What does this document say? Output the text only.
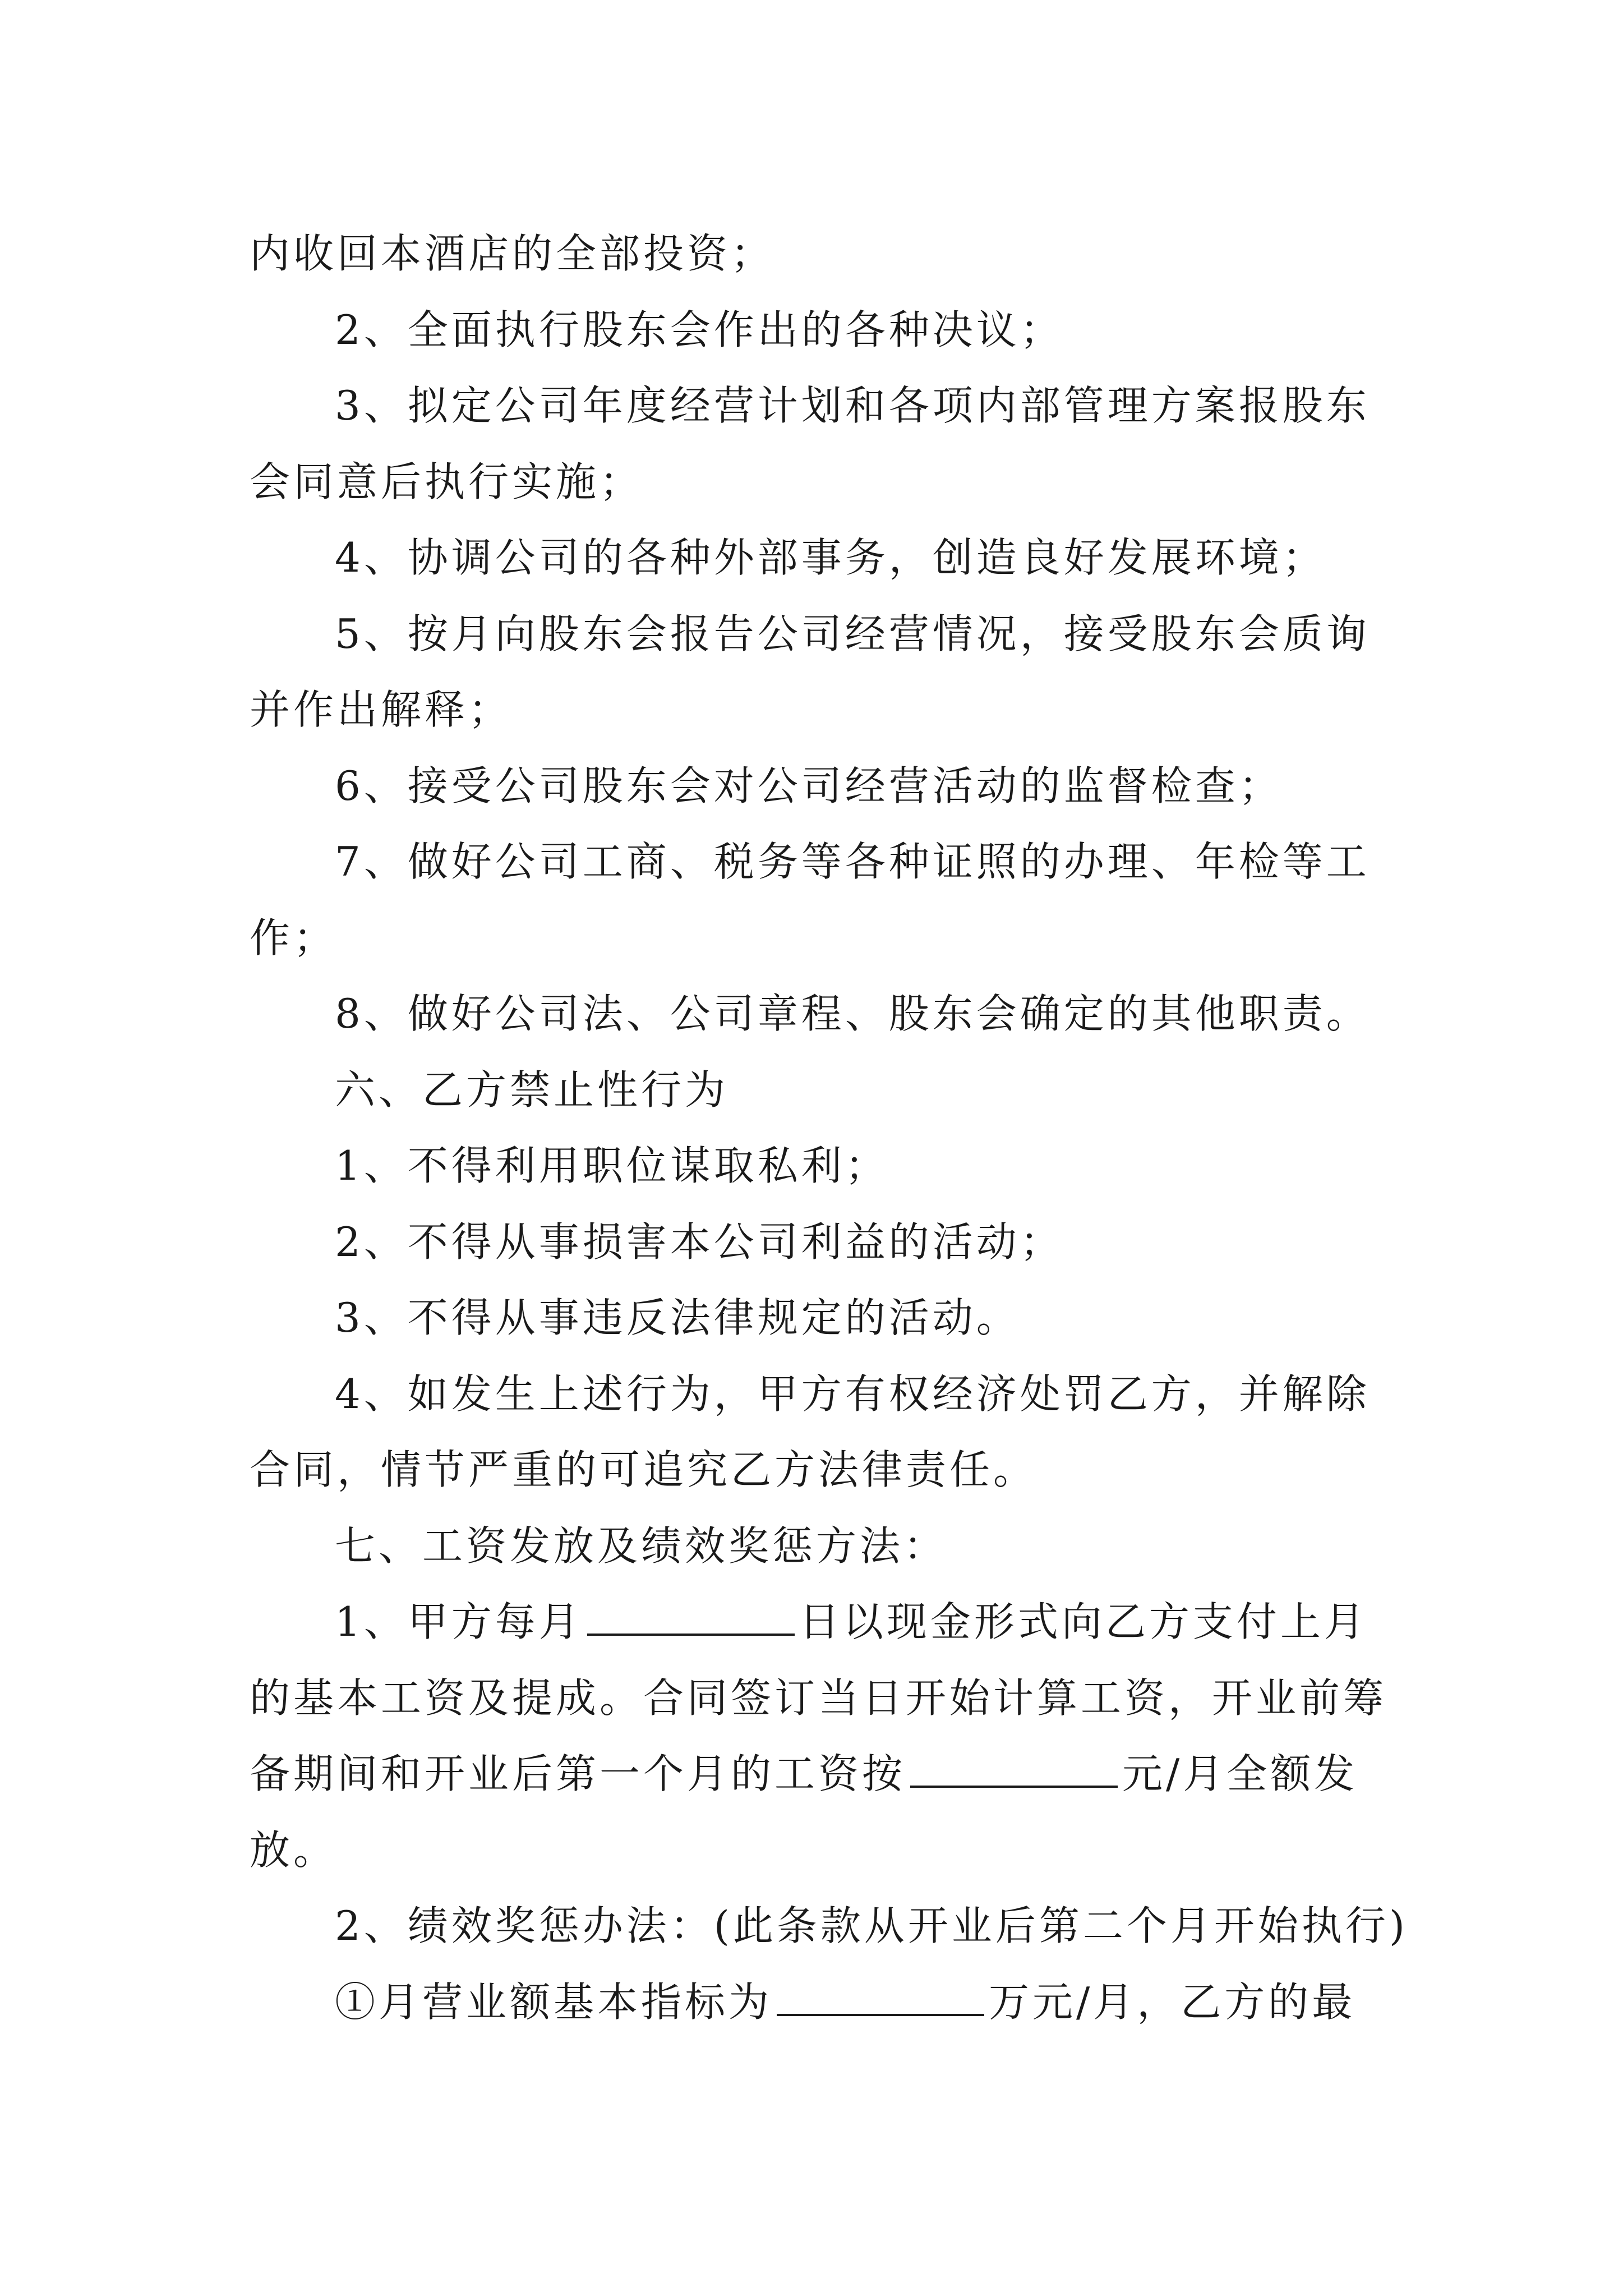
内收回本酒店的全部投资；
2、全面执行股东会作出的各种决议；
3、拟定公司年度经营计划和各项内部管理方案报股东
会同意后执行实施；
4、协调公司的各种外部事务，创造良好发展环境；
5、按月向股东会报告公司经营情况，接受股东会质询
并作出解释；
6、接受公司股东会对公司经营活动的监督检查；
7、做好公司工商、税务等各种证照的办理、年检等工
作；
8、做好公司法、公司章程、股东会确定的其他职责。
六、乙方禁止性行为
1、不得利用职位谋取私利；
2、不得从事损害本公司利益的活动；
3、不得从事违反法律规定的活动。
4、如发生上述行为，甲方有权经济处罚乙方，并解除
合同，情节严重的可追究乙方法律责任。
七、工资发放及绩效奖惩方法：
1、甲方每月	日以现金形式向乙方支付上月
的基本工资及提成。合同签订当日开始计算工资，开业前筹
备期间和开业后第一个月的工资按	元/月全额发
放。
2、绩效奖惩办法：(此条款从开业后第二个月开始执行)
①月营业额基本指标为	万元/月，乙方的最
